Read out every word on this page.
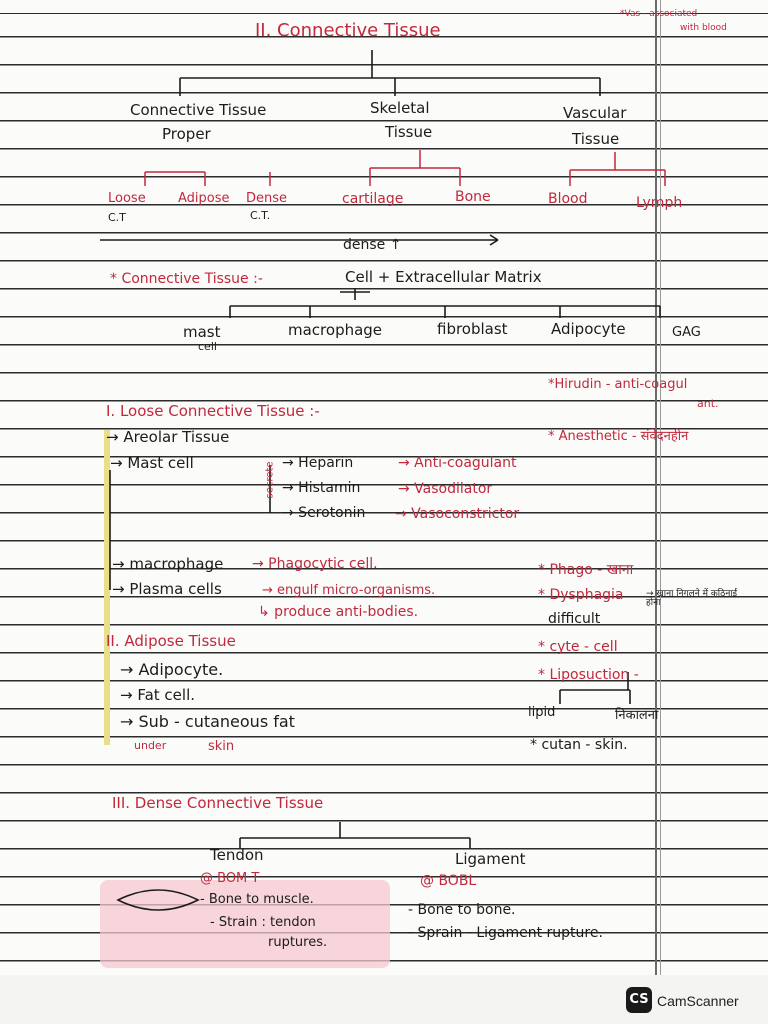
II. Connective Tissue
*Vas - associated
with blood
Connective Tissue
Proper
Skeletal
Tissue
Vascular
Tissue
Loose
C.T
Adipose Dense
C.T.
cartilage	Bone	Blood	Lymph
dense ↑
* Connective Tissue :-	Cell + Extracellular Matrix
mast
cell
macrophage	fibroblast	Adipocyte	GAG
*Hirudin - anti-coagul
ant.
I. Loose Connective Tissue :-
→ Areolar Tissue
→ Mast cell	secrete → Heparin	→ Anti-coagulant
→ Histamin	→ Vasodilator
→ Serotonin → Vasoconstrictor
→ macrophage → Phagocytic cell.
→ Plasma cells	→ engulf micro-organisms.
↳ produce anti-bodies.
* Anesthetic - संवेदनहीन
* Phago - खाना
* Dysphagia → खाना निगलने में कठिनाई होना
difficult
* cyte - cell
* Liposuction -
lipid	निकालना
* cutan - skin.
II. Adipose Tissue
→ Adipocyte.
→ Fat cell.
→ Sub - cutaneous fat
under	skin
III. Dense Connective Tissue
Tendon
@ BOM T
- Bone to muscle.
- Strain : tendon
ruptures.
Ligament
@ BOBL
- Bone to bone.
- Sprain - Ligament rupture.
CS CamScanner
